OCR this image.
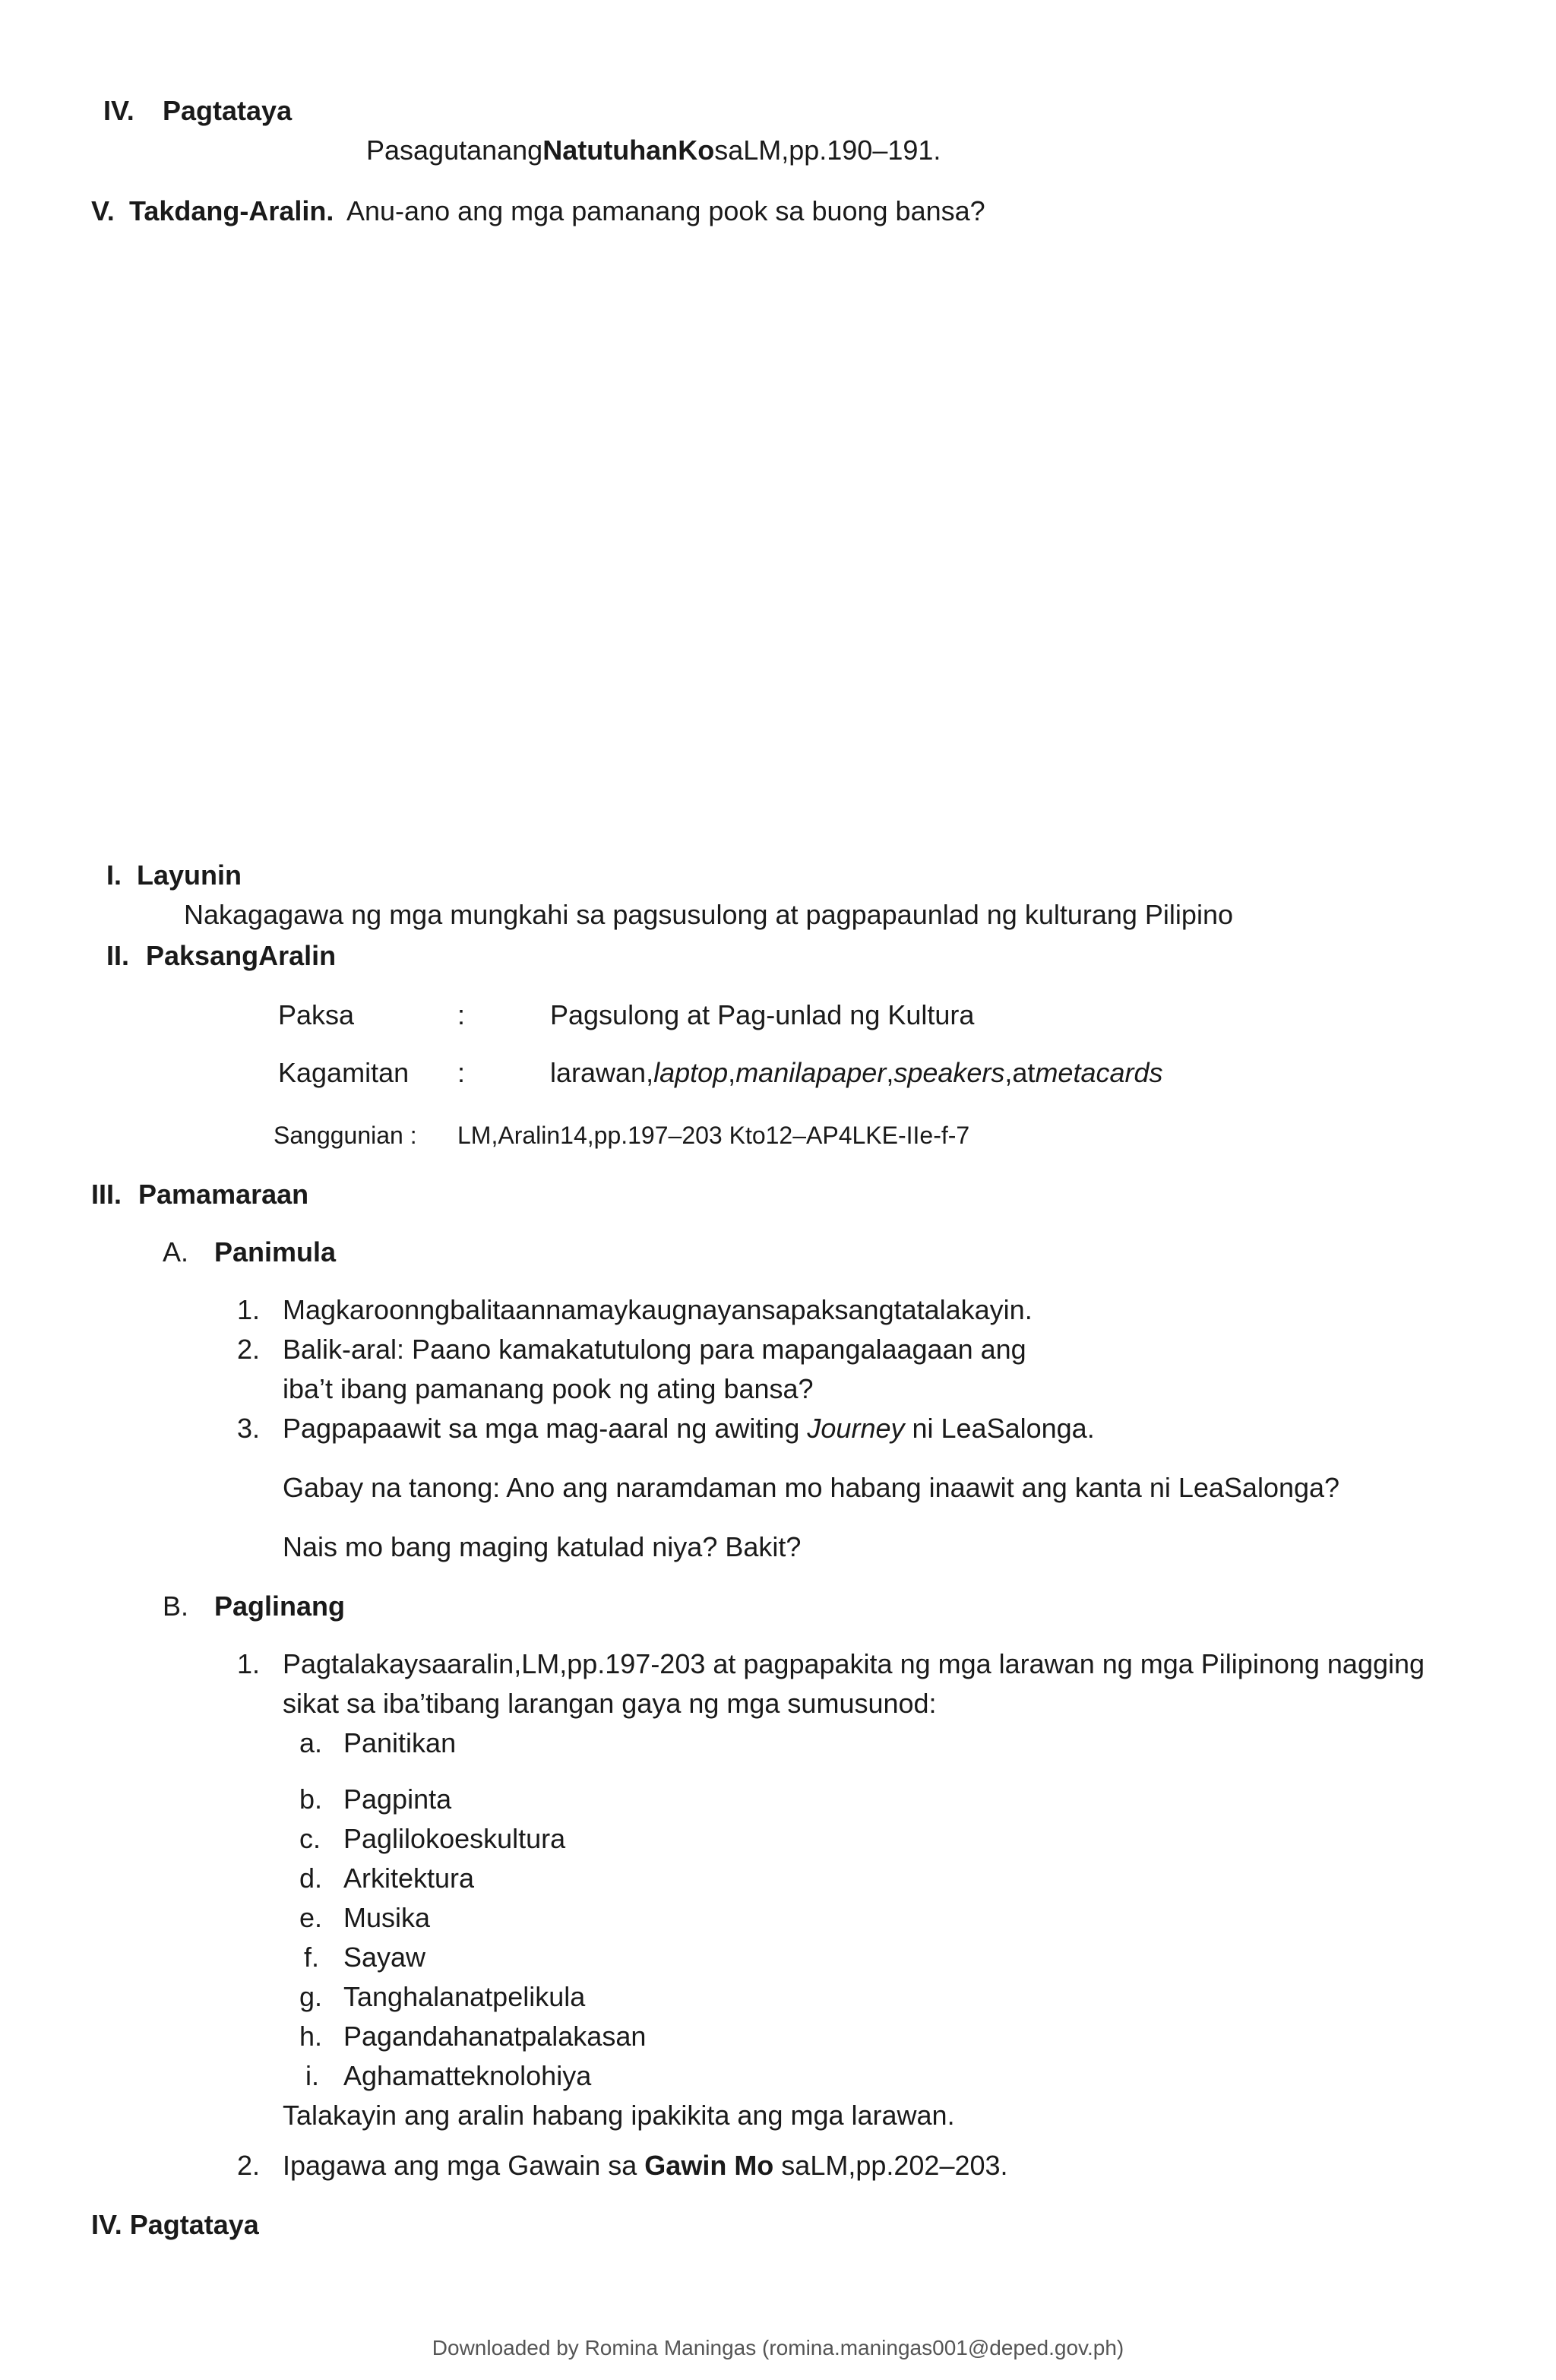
IV. Pagtataya
PasagutanangNatutuhanKosaLM,pp.190–191.
V. Takdang-Aralin. Anu-ano ang mga pamanang pook sa buong bansa?
I. Layunin
Nakagagawa ng mga mungkahi sa pagsusulong at pagpapaunlad ng kulturang Pilipino
II. PaksangAralin
Paksa	:	Pagsulong at Pag-unlad ng Kultura
Kagamitan :	larawan,laptop,manilapaper,speakers,atmetacards
Sanggunian : LM,Aralin14,pp.197–203 Kto12–AP4LKE-IIe-f-7
III. Pamamaraan
A. Panimula
1. Magkaroonngbalitaannamaykaugnayansapaksangtatalakayin.
2. Balik-aral: Paano kamakatutulong para mapangalaagaan ang
iba’t ibang pamanang pook ng ating bansa?
3. Pagpapaawit sa mga mag-aaral ng awiting Journey ni LeaSalonga.
Gabay na tanong: Ano ang naramdaman mo habang inaawit ang kanta ni LeaSalonga?
Nais mo bang maging katulad niya? Bakit?
B. Paglinang
1. Pagtalakaysaaralin,LM,pp.197-203 at pagpapakita ng mga larawan ng mga Pilipinong nagging
sikat sa iba’tibang larangan gaya ng mga sumusunod:
a. Panitikan
b. Pagpinta
c. Paglilokoeskultura
d. Arkitektura
e. Musika
f. Sayaw
g. Tanghalanatpelikula
h. Pagandahanatpalakasan
i. Aghamatteknolohiya
Talakayin ang aralin habang ipakikita ang mga larawan.
2. Ipagawa ang mga Gawain sa Gawin Mo saLM,pp.202–203.
IV. Pagtataya
Downloaded by Romina Maningas (romina.maningas001@deped.gov.ph)
